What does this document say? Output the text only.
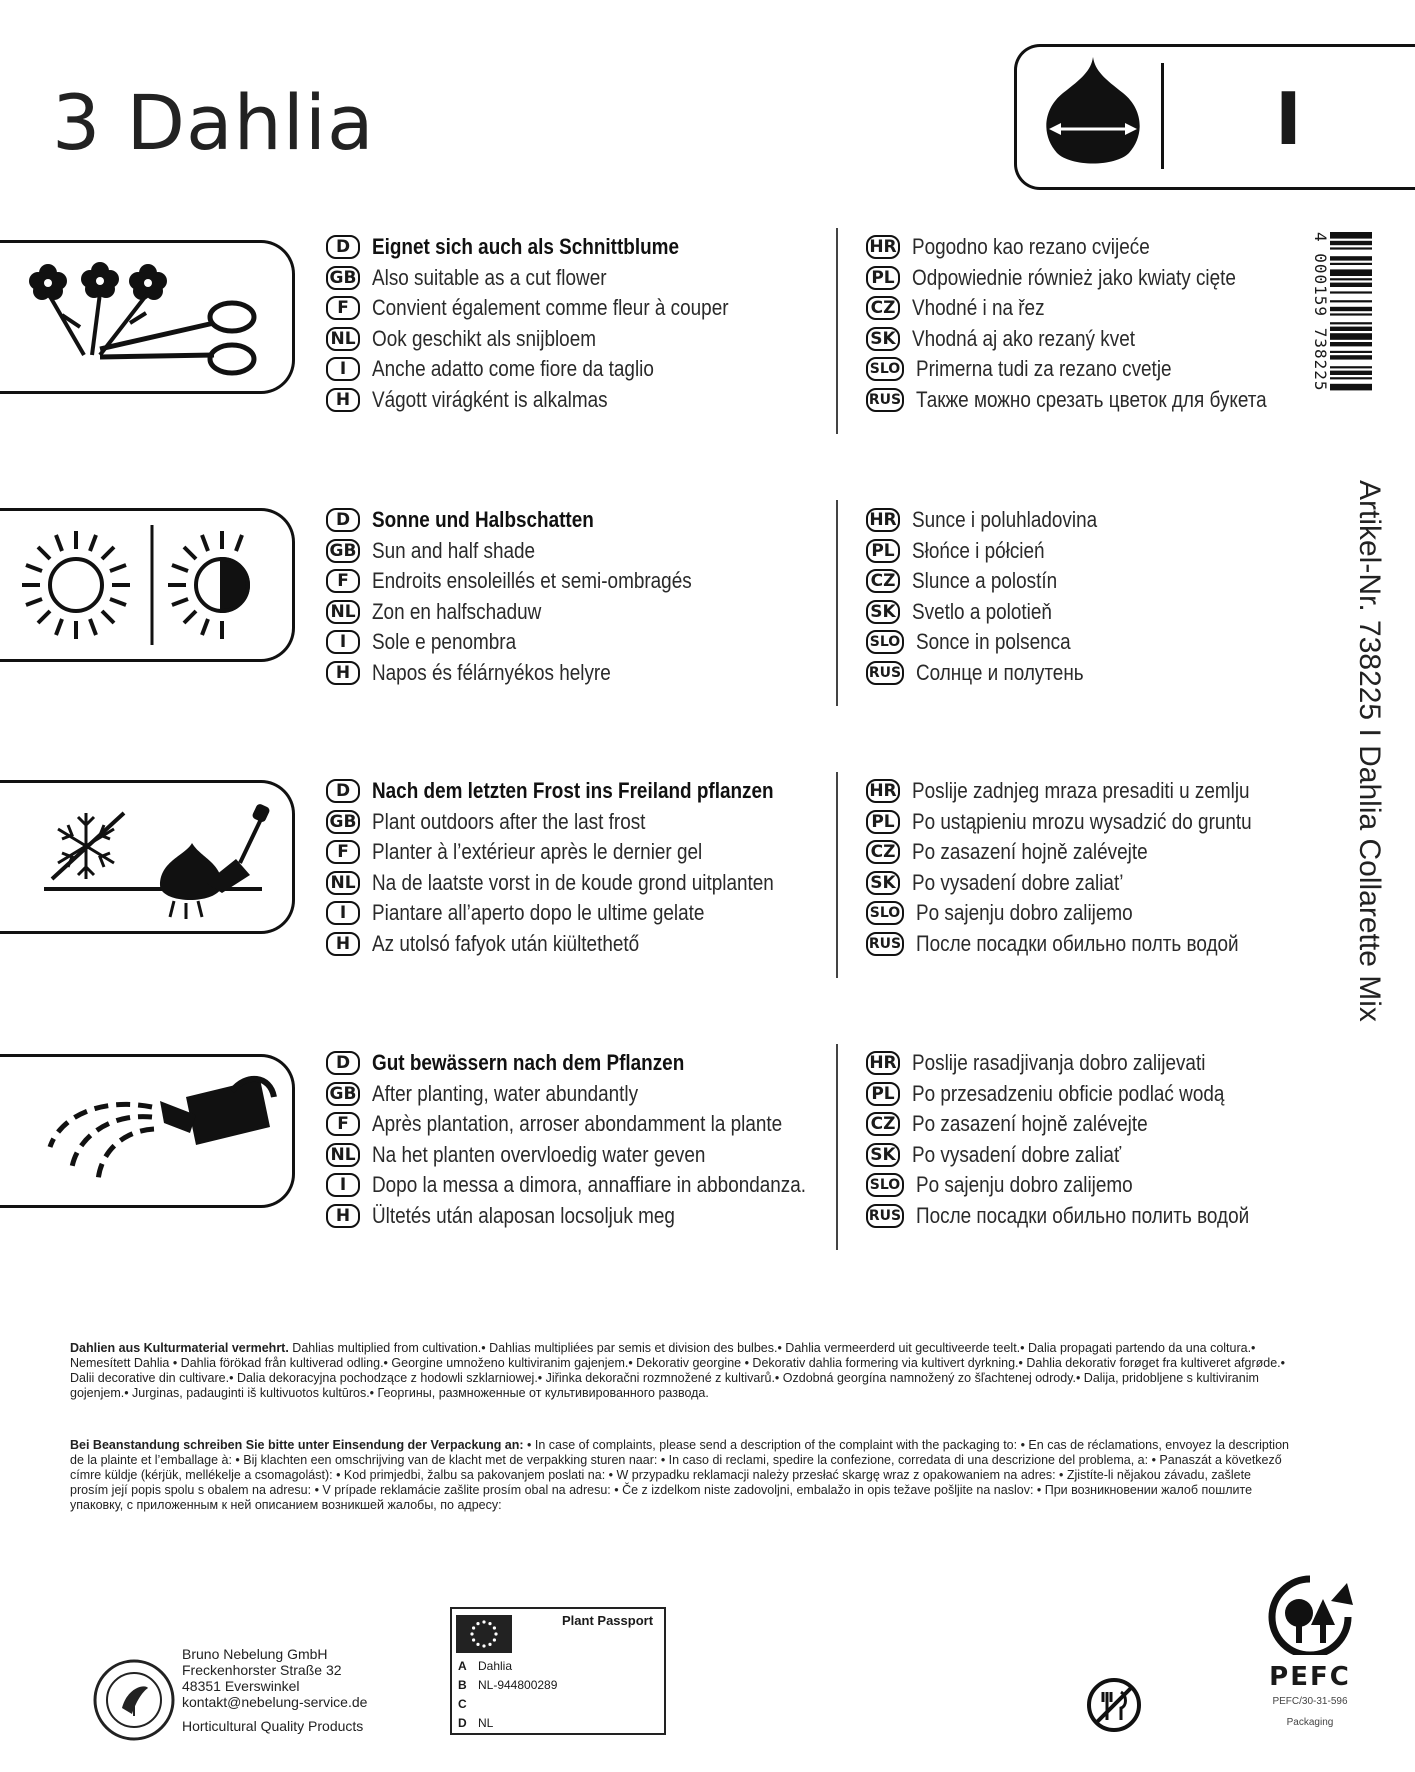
3 Dahlia	I
D Eignet sich auch als Schnittblume
GB Also suitable as a cut flower
F	Convient également comme fleur à couper
NL Ook geschikt als snijbloem
I	Anche adatto come fiore da taglio
H Vágott virágként is alkalmas
HR Pogodno kao rezano cvijeće
PL Odpowiednie również jako kwiaty cięte
CZ Vhodné i na řez
SK Vhodná aj ako rezaný kvet
SLO Primerna tudi za rezano cvetje
RUS Также можно срезать цветок для букета
D Sonne und Halbschatten
GB Sun and half shade
F	Endroits ensoleillés et semi-ombragés
NL Zon en halfschaduw
I	Sole e penombra
H Napos és félárnyékos helyre
HR Sunce i poluhladovina
PL Słońce i półcień
CZ Slunce a polostín
SK Svetlo a polotieň
SLO Sonce in polsenca
RUS Солнце и полутень
D Nach dem letzten Frost ins Freiland pflanzen
GB Plant outdoors after the last frost
F	Planter à l’extérieur après le dernier gel
NL Na de laatste vorst in de koude grond uitplanten
I	Piantare all’aperto dopo le ultime gelate
H Az utolsó fafyok után kiültethető
HR Poslije zadnjeg mraza presaditi u zemlju
PL Po ustąpieniu mrozu wysadzić do gruntu
CZ Po zasazení hojně zalévejte
SK Po vysadení dobre zaliat’
SLO Po sajenju dobro zalijemo
RUS После посадки обильно полть водой
D Gut bewässern nach dem Pflanzen
GB After planting, water abundantly
F	Après plantation, arroser abondamment la plante
NL Na het planten overvloedig water geven
I	Dopo la messa a dimora, annaffiare in abbondanza.
H Ültetés után alaposan locsoljuk meg
HR Poslije rasadjivanja dobro zalijevati
PL Po przesadzeniu obficie podlać wodą
CZ Po zasazení hojně zalévejte
SK Po vysadení dobre zaliať
SLO Po sajenju dobro zalijemo
RUS После посадки обильно полить водой
4 000159 738225
Artikel-Nr. 738225 I Dahlia Collarette Mix
Dahlien aus Kulturmaterial vermehrt. Dahlias multiplied from cultivation.• Dahlias multipliées par semis et division des bulbes.• Dahlia vermeerderd uit gecultiveerde teelt.• Dalia propagati partendo da una coltura.• Nemesített Dahlia • Dahlia förökad från kultiverad odling.• Georgine umnoženo kultiviranim gajenjem.• Dekorativ georgine • Dekorativ dahlia formering via kultivert dyrkning.• Dahlia dekorativ forøget fra kultiveret afgrøde.• Dalii decorative din cultivare.• Dalia dekoracyjna pochodzące z hodowli szklarniowej.• Jiřinka dekoračni rozmnožené z kultivarů.• Ozdobná georgína namnožený zo šľachtenej odrody.• Dalija, pridobljene s kultiviranim gojenjem.• Jurginas, padauginti iš kultivuotos kultūros.• Георгины, размноженные от культивированного развода.
Bei Beanstandung schreiben Sie bitte unter Einsendung der Verpackung an: • In case of complaints, please send a description of the complaint with the packaging to: • En cas de réclamations, envoyez la description de la plainte et l’emballage à: • Bij klachten een omschrijving van de klacht met de verpakking sturen naar: • In caso di reclami, spedire la confezione, corredata di una descrizione del problema, a: • Panaszát a következő címre küldje (kérjük, mellékelje a csomagolást): • Kod primjedbi, žalbu sa pakovanjem poslati na: • W przypadku reklamacji należy przesłać skargę wraz z opakowaniem na adres: • Zjistíte-li nějakou závadu, zašlete prosím její popis spolu s obalem na adresu: • V prípade reklamácie zašlite prosím obal na adresu: • Če z izdelkom niste zadovoljni, embalažo in opis težave pošljite na naslov: • При возникновении жалоб пошлите упаковку, с приложенным к ней описанием возникшей жалобы, по адресу:
Bruno Nebelung GmbH
Freckenhorster Straße 32
48351 Everswinkel
kontakt@nebelung-service.de
Horticultural Quality Products
Plant Passport
A Dahlia
B NL-944800289
C
D NL
PEFC
PEFC/30-31-596
Packaging
